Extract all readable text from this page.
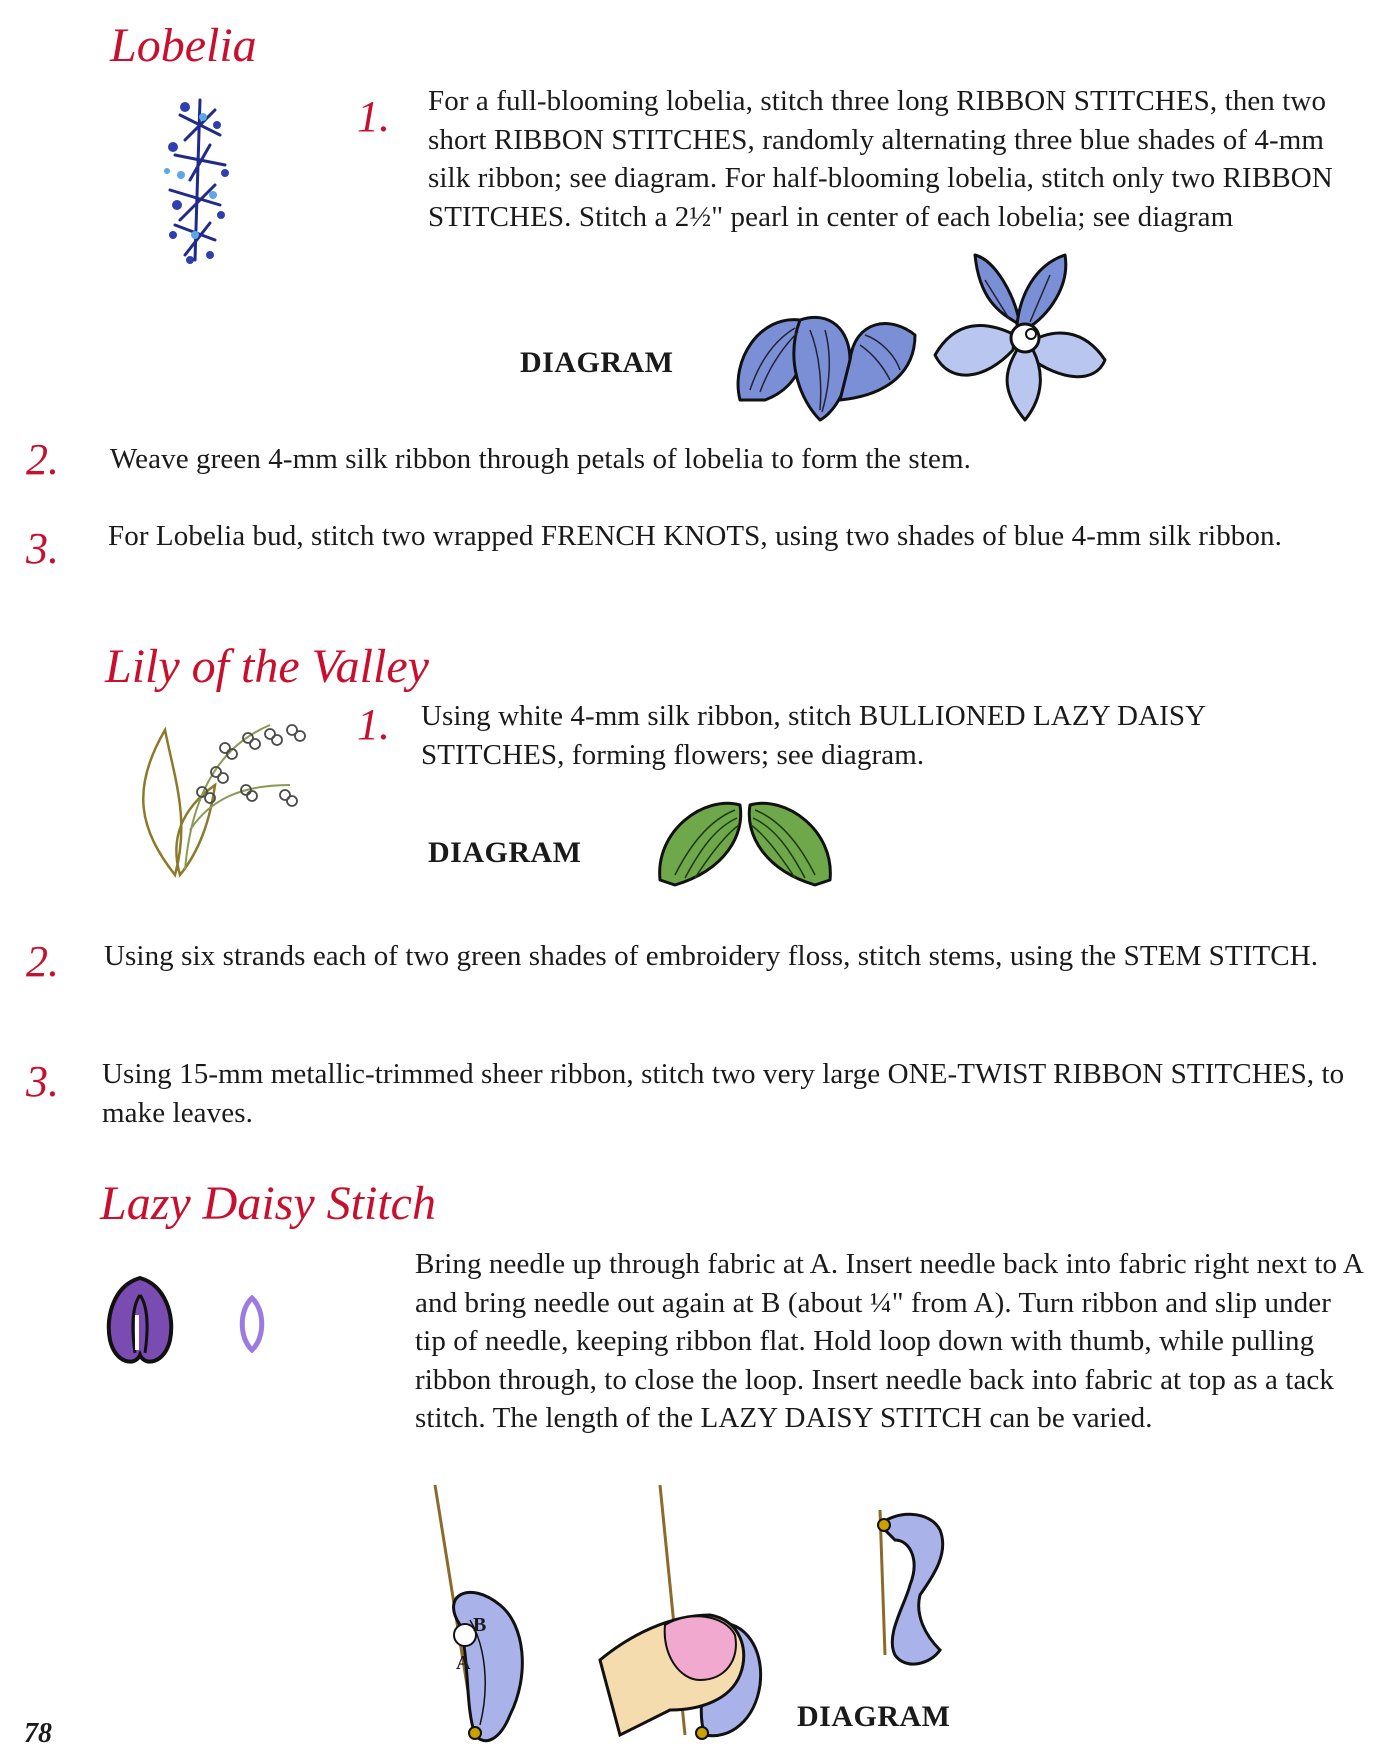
78
Lobelia
1. For a full-blooming lobelia, stitch three long RIBBON STITCHES, then two short RIBBON STITCHES, randomly alternating three blue shades of 4-mm silk ribbon; see diagram. For half-blooming lobelia, stitch only two RIBBON STITCHES. Stitch a 2½" pearl in center of each lobelia; see diagram
DIAGRAM
2. Weave green 4-mm silk ribbon through petals of lobelia to form the stem.
3. For Lobelia bud, stitch two wrapped FRENCH KNOTS, using two shades of blue 4-mm silk ribbon.
Lily of the Valley
1. Using white 4-mm silk ribbon, stitch BULLIONED LAZY DAISY STITCHES, forming flowers; see diagram.
DIAGRAM
2. Using six strands each of two green shades of embroidery floss, stitch stems, using the STEM STITCH.
3. Using 15-mm metallic-trimmed sheer ribbon, stitch two very large ONE-TWIST RIBBON STITCHES, to make leaves.
Lazy Daisy Stitch
Bring needle up through fabric at A. Insert needle back into fabric right next to A and bring needle out again at B (about ¼" from A). Turn ribbon and slip under tip of needle, keeping ribbon flat. Hold loop down with thumb, while pulling ribbon through, to close the loop. Insert needle back into fabric at top as a tack stitch. The length of the LAZY DAISY STITCH can be varied.
B
A
DIAGRAM
